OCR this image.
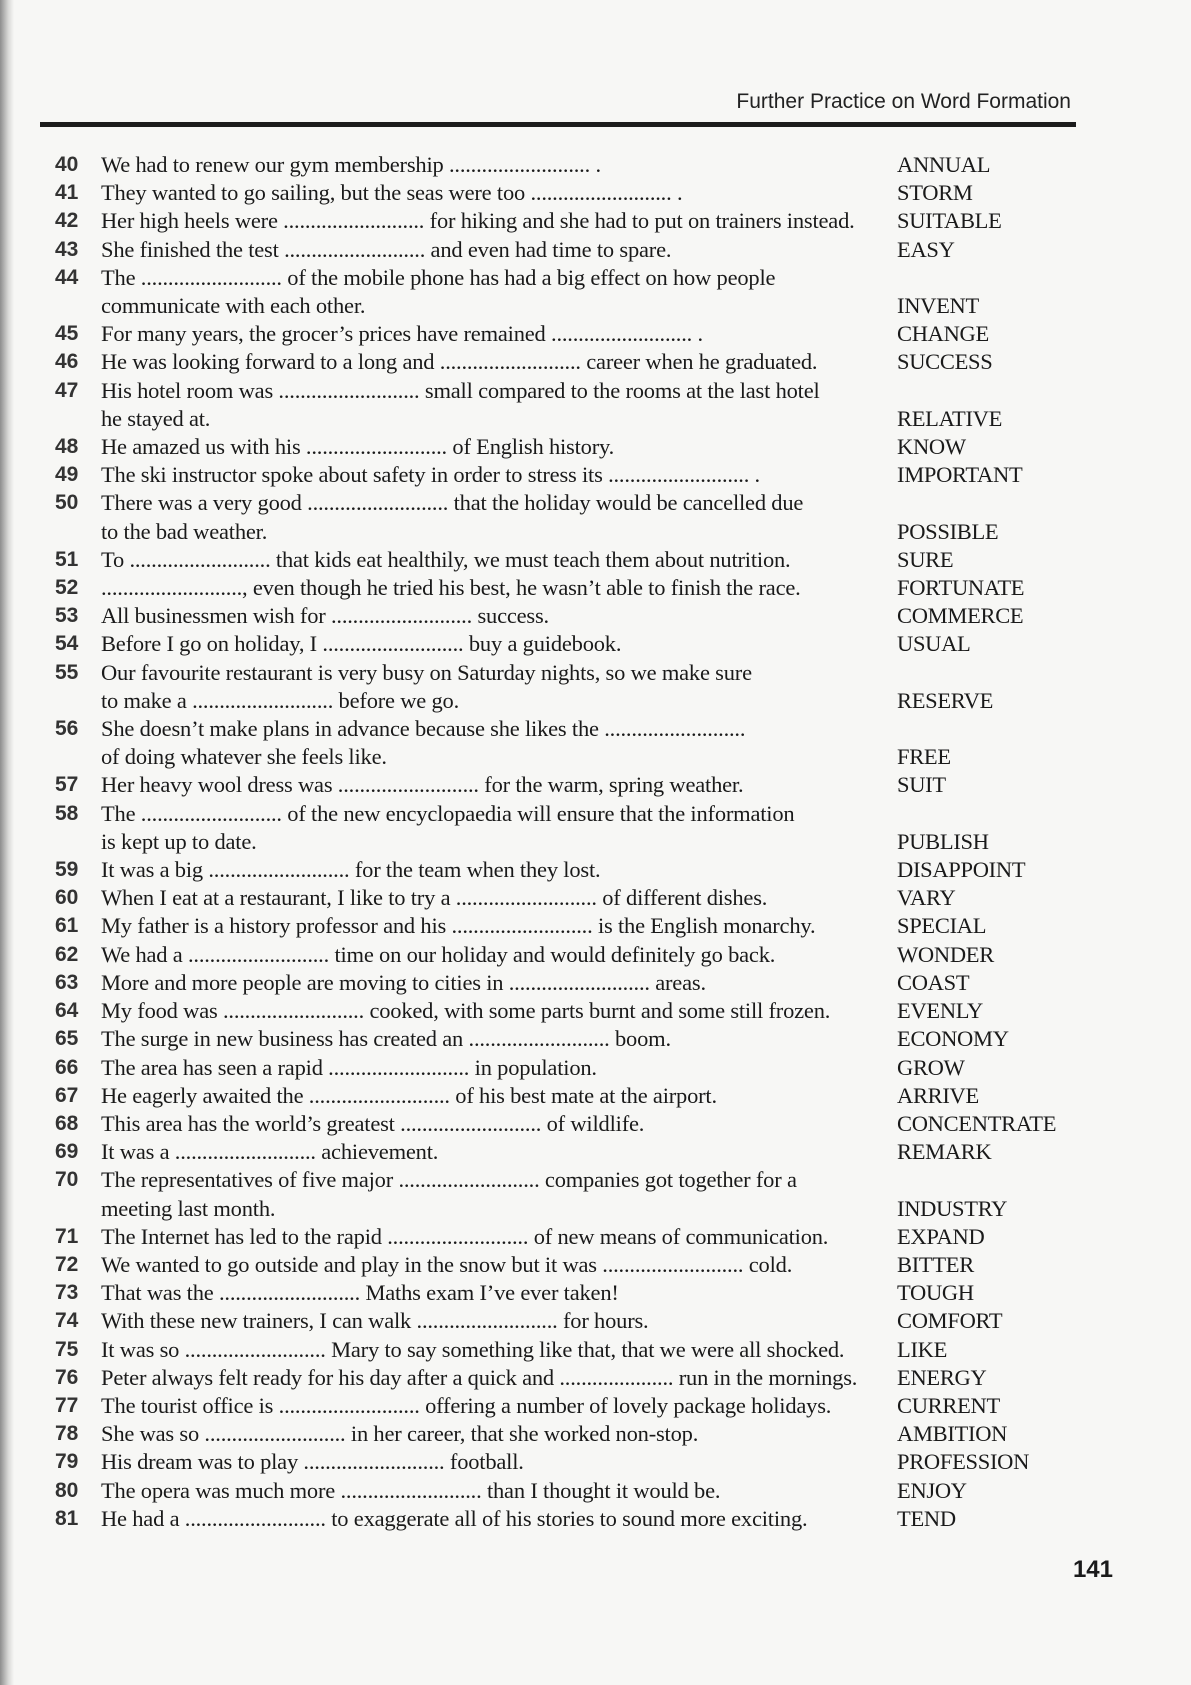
Further Practice on Word Formation
40	We had to renew our gym membership .......................... .	ANNUAL
41	They wanted to go sailing, but the seas were too .......................... .	STORM
42	Her high heels were .......................... for hiking and she had to put on trainers instead.	SUITABLE
43	She finished the test .......................... and even had time to spare.	EASY
44	The .......................... of the mobile phone has had a big effect on how people
communicate with each other.	INVENT
45	For many years, the grocer’s prices have remained .......................... .	CHANGE
46	He was looking forward to a long and .......................... career when he graduated.	SUCCESS
47	His hotel room was .......................... small compared to the rooms at the last hotel
he stayed at.	RELATIVE
48	He amazed us with his .......................... of English history.	KNOW
49	The ski instructor spoke about safety in order to stress its .......................... .	IMPORTANT
50	There was a very good .......................... that the holiday would be cancelled due
to the bad weather.	POSSIBLE
51	To .......................... that kids eat healthily, we must teach them about nutrition.	SURE
52	.........................., even though he tried his best, he wasn’t able to finish the race.	FORTUNATE
53	All businessmen wish for .......................... success.	COMMERCE
54	Before I go on holiday, I .......................... buy a guidebook.	USUAL
55	Our favourite restaurant is very busy on Saturday nights, so we make sure
to make a .......................... before we go.	RESERVE
56	She doesn’t make plans in advance because she likes the ..........................
of doing whatever she feels like.	FREE
57	Her heavy wool dress was .......................... for the warm, spring weather.	SUIT
58	The .......................... of the new encyclopaedia will ensure that the information
is kept up to date.	PUBLISH
59	It was a big .......................... for the team when they lost.	DISAPPOINT
60	When I eat at a restaurant, I like to try a .......................... of different dishes.	VARY
61	My father is a history professor and his .......................... is the English monarchy.	SPECIAL
62	We had a .......................... time on our holiday and would definitely go back.	WONDER
63	More and more people are moving to cities in .......................... areas.	COAST
64	My food was .......................... cooked, with some parts burnt and some still frozen.	EVENLY
65	The surge in new business has created an .......................... boom.	ECONOMY
66	The area has seen a rapid .......................... in population.	GROW
67	He eagerly awaited the .......................... of his best mate at the airport.	ARRIVE
68	This area has the world’s greatest .......................... of wildlife.	CONCENTRATE
69	It was a .......................... achievement.	REMARK
70	The representatives of five major .......................... companies got together for a
meeting last month.	INDUSTRY
71	The Internet has led to the rapid .......................... of new means of communication.	EXPAND
72	We wanted to go outside and play in the snow but it was .......................... cold.	BITTER
73	That was the .......................... Maths exam I’ve ever taken!	TOUGH
74	With these new trainers, I can walk .......................... for hours.	COMFORT
75	It was so .......................... Mary to say something like that, that we were all shocked.	LIKE
76	Peter always felt ready for his day after a quick and ..................... run in the mornings.	ENERGY
77	The tourist office is .......................... offering a number of lovely package holidays.	CURRENT
78	She was so .......................... in her career, that she worked non-stop.	AMBITION
79	His dream was to play .......................... football.	PROFESSION
80	The opera was much more .......................... than I thought it would be.	ENJOY
81	He had a .......................... to exaggerate all of his stories to sound more exciting.	TEND
141
